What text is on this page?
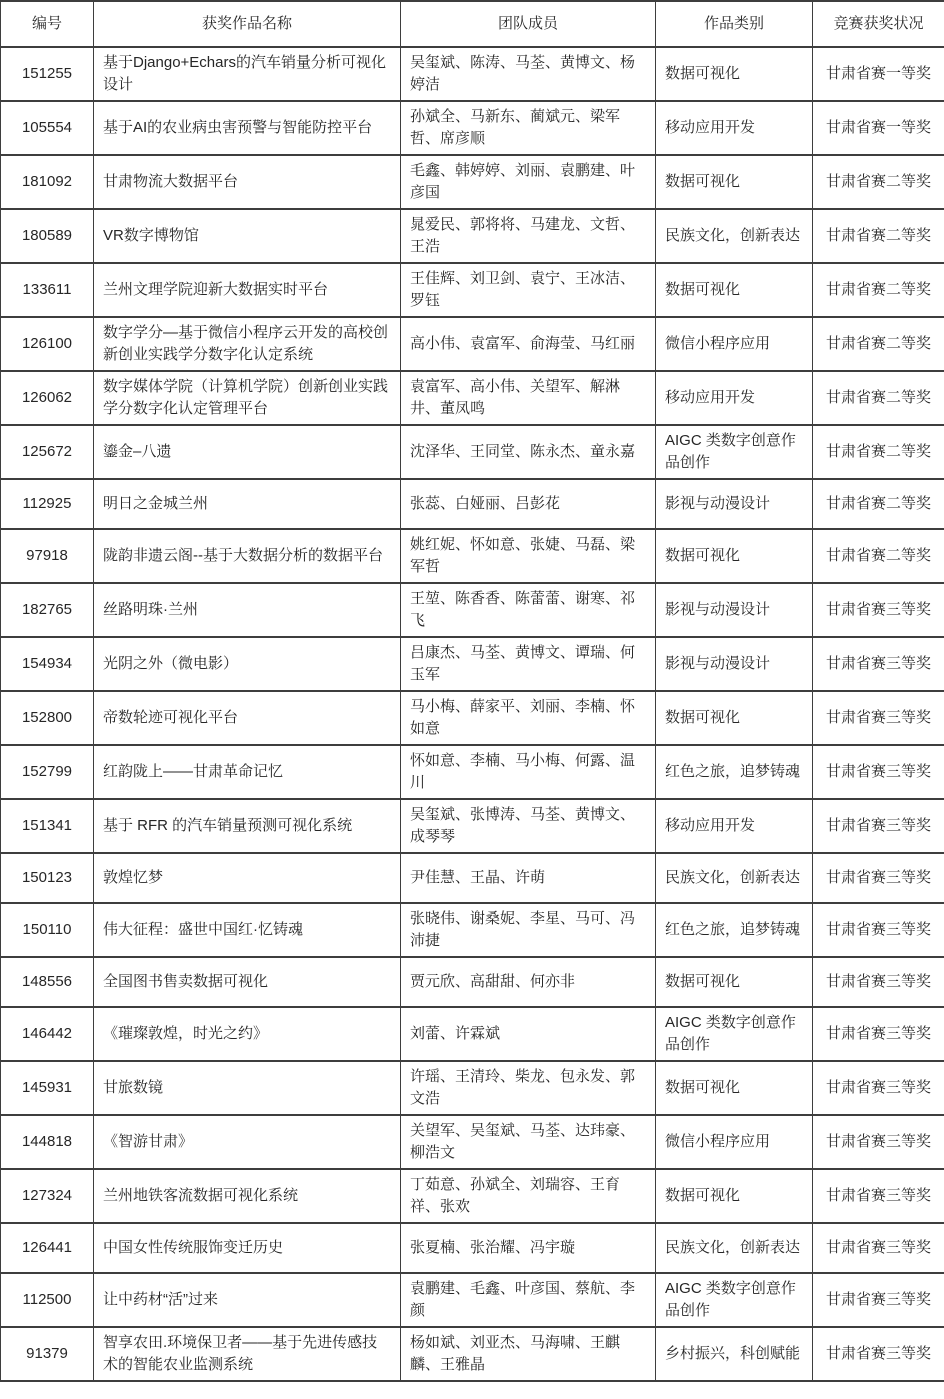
编号	获奖作品名称	团队成员	作品类别	竞赛获奖状况
151255	基于Django+Echars的汽车销量分析可视化设计	吴玺斌、陈涛、马荃、黄博文、杨婷洁	数据可视化	甘肃省赛一等奖
105554	基于AI的农业病虫害预警与智能防控平台	孙斌全、马新东、蔺斌元、梁军哲、席彦顺	移动应用开发	甘肃省赛一等奖
181092	甘肃物流大数据平台	毛鑫、韩婷婷、刘丽、袁鹏建、叶彦国	数据可视化	甘肃省赛二等奖
180589	VR数字博物馆	晁爱民、郭将将、马建龙、文哲、王浩	民族文化，创新表达	甘肃省赛二等奖
133611	兰州文理学院迎新大数据实时平台	王佳辉、刘卫剑、袁宁、王冰洁、罗钰	数据可视化	甘肃省赛二等奖
126100	数字学分—基于微信小程序云开发的高校创新创业实践学分数字化认定系统	高小伟、袁富军、俞海莹、马红丽	微信小程序应用	甘肃省赛二等奖
126062	数字媒体学院（计算机学院）创新创业实践学分数字化认定管理平台	袁富军、高小伟、关望军、解淋井、董凤鸣	移动应用开发	甘肃省赛二等奖
125672	鎏金–八遗	沈泽华、王同堂、陈永杰、童永嘉	AIGC 类数字创意作品创作	甘肃省赛二等奖
112925	明日之金城兰州	张蕊、白娅丽、吕彭花	影视与动漫设计	甘肃省赛二等奖
97918	陇韵非遗云阁--基于大数据分析的数据平台	姚红妮、怀如意、张婕、马磊、梁军哲	数据可视化	甘肃省赛二等奖
182765	丝路明珠·兰州	王堃、陈香香、陈蕾蕾、谢寒、祁飞	影视与动漫设计	甘肃省赛三等奖
154934	光阴之外（微电影）	吕康杰、马荃、黄博文、谭瑞、何玉军	影视与动漫设计	甘肃省赛三等奖
152800	帝数轮迹可视化平台	马小梅、薛家平、刘丽、李楠、怀如意	数据可视化	甘肃省赛三等奖
152799	红韵陇上——甘肃革命记忆	怀如意、李楠、马小梅、何露、温川	红色之旅，追梦铸魂	甘肃省赛三等奖
151341	基于 RFR 的汽车销量预测可视化系统	吴玺斌、张博涛、马荃、黄博文、成琴琴	移动应用开发	甘肃省赛三等奖
150123	敦煌忆梦	尹佳慧、王晶、许萌	民族文化，创新表达	甘肃省赛三等奖
150110	伟大征程：盛世中国红·忆铸魂	张晓伟、谢桑妮、李星、马可、冯沛捷	红色之旅，追梦铸魂	甘肃省赛三等奖
148556	全国图书售卖数据可视化	贾元欣、高甜甜、何亦非	数据可视化	甘肃省赛三等奖
146442	《璀璨敦煌，时光之约》	刘蕾、许霖斌	AIGC 类数字创意作品创作	甘肃省赛三等奖
145931	甘旅数镜	许瑶、王清玲、柴龙、包永发、郭文浩	数据可视化	甘肃省赛三等奖
144818	《智游甘肃》	关望军、吴玺斌、马荃、达玮豪、柳浩文	微信小程序应用	甘肃省赛三等奖
127324	兰州地铁客流数据可视化系统	丁茹意、孙斌全、刘瑞容、王育祥、张欢	数据可视化	甘肃省赛三等奖
126441	中国女性传统服饰变迁历史	张夏楠、张治耀、冯宇璇	民族文化，创新表达	甘肃省赛三等奖
112500	让中药材“活”过来	袁鹏建、毛鑫、叶彦国、蔡航、李颜	AIGC 类数字创意作品创作	甘肃省赛三等奖
91379	智享农田.环境保卫者——基于先进传感技术的智能农业监测系统	杨如斌、刘亚杰、马海啸、王麒麟、王雅晶	乡村振兴，科创赋能	甘肃省赛三等奖
